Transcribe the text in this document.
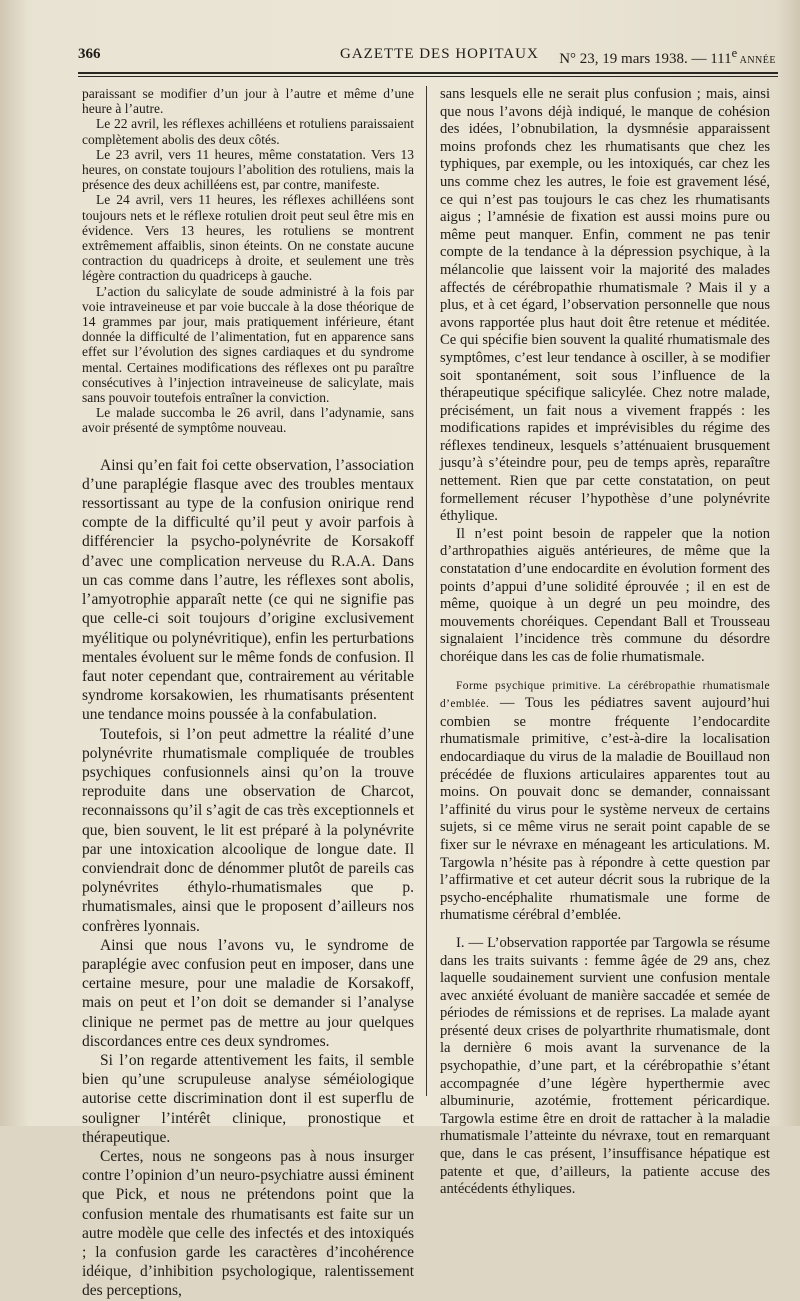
366	GAZETTE DES HOPITAUX N° 23, 19 mars 1938. — 111e ANNÉE

paraissant se modifier d’un jour à l’autre et même d’une heure à l’autre.

Le 22 avril, les réflexes achilléens et rotuliens paraissaient complètement abolis des deux côtés.

Le 23 avril, vers 11 heures, même constatation. Vers 13 heures, on constate toujours l’abolition des rotuliens, mais la présence des deux achilléens est, par contre, manifeste.

Le 24 avril, vers 11 heures, les réflexes achilléens sont toujours nets et le réflexe rotulien droit peut seul être mis en évidence. Vers 13 heures, les rotuliens se montrent extrêmement affaiblis, sinon éteints. On ne constate aucune contraction du quadriceps à droite, et seulement une très légère contraction du quadriceps à gauche.

L’action du salicylate de soude administré à la fois par voie intraveineuse et par voie buccale à la dose théorique de 14 grammes par jour, mais pratiquement inférieure, étant donnée la difficulté de l’alimentation, fut en apparence sans effet sur l’évolution des signes cardiaques et du syndrome mental. Certaines modifications des réflexes ont pu paraître consécutives à l’injection intraveineuse de salicylate, mais sans pouvoir toutefois entraîner la conviction.

Le malade succomba le 26 avril, dans l’adynamie, sans avoir présenté de symptôme nouveau.

Ainsi qu’en fait foi cette observation, l’association d’une paraplégie flasque avec des troubles mentaux ressortissant au type de la confusion onirique rend compte de la difficulté qu’il peut y avoir parfois à différencier la psycho-polynévrite de Korsakoff d’avec une complication nerveuse du R.A.A. Dans un cas comme dans l’autre, les réflexes sont abolis, l’amyotrophie apparaît nette (ce qui ne signifie pas que celle-ci soit toujours d’origine exclusivement myélitique ou polynévritique), enfin les perturbations mentales évoluent sur le même fonds de confusion. Il faut noter cependant que, contrairement au véritable syndrome korsakowien, les rhumatisants présentent une tendance moins poussée à la confabulation.

Toutefois, si l’on peut admettre la réalité d’une polynévrite rhumatismale compliquée de troubles psychiques confusionnels ainsi qu’on la trouve reproduite dans une observation de Charcot, reconnaissons qu’il s’agit de cas très exceptionnels et que, bien souvent, le lit est préparé à la polynévrite par une intoxication alcoolique de longue date. Il conviendrait donc de dénommer plutôt de pareils cas polynévrites éthylo-rhumatismales que p. rhumatismales, ainsi que le proposent d’ailleurs nos confrères lyonnais.

Ainsi que nous l’avons vu, le syndrome de paraplégie avec confusion peut en imposer, dans une certaine mesure, pour une maladie de Korsakoff, mais on peut et l’on doit se demander si l’analyse clinique ne permet pas de mettre au jour quelques discordances entre ces deux syndromes.

Si l’on regarde attentivement les faits, il semble bien qu’une scrupuleuse analyse séméiologique autorise cette discrimination dont il est superflu de souligner l’intérêt clinique, pronostique et thérapeutique.

Certes, nous ne songeons pas à nous insurger contre l’opinion d’un neuro-psychiatre aussi éminent que Pick, et nous ne prétendons point que la confusion mentale des rhumatisants est faite sur un autre modèle que celle des infectés et des intoxiqués ; la confusion garde les caractères d’incohérence idéique, d’inhibition psychologique, ralentissement des perceptions,

sans lesquels elle ne serait plus confusion ; mais, ainsi que nous l’avons déjà indiqué, le manque de cohésion des idées, l’obnubilation, la dysmnésie apparaissent moins profonds chez les rhumatisants que chez les typhiques, par exemple, ou les intoxiqués, car chez les uns comme chez les autres, le foie est gravement lésé, ce qui n’est pas toujours le cas chez les rhumatisants aigus ; l’amnésie de fixation est aussi moins pure ou même peut manquer. Enfin, comment ne pas tenir compte de la tendance à la dépression psychique, à la mélancolie que laissent voir la majorité des malades affectés de cérébropathie rhumatismale ? Mais il y a plus, et à cet égard, l’observation personnelle que nous avons rapportée plus haut doit être retenue et méditée. Ce qui spécifie bien souvent la qualité rhumatismale des symptômes, c’est leur tendance à osciller, à se modifier soit spontanément, soit sous l’influence de la thérapeutique spécifique salicylée. Chez notre malade, précisément, un fait nous a vivement frappés : les modifications rapides et imprévisibles du régime des réflexes tendineux, lesquels s’atténuaient brusquement jusqu’à s’éteindre pour, peu de temps après, reparaître nettement. Rien que par cette constatation, on peut formellement récuser l’hypothèse d’une polynévrite éthylique.

Il n’est point besoin de rappeler que la notion d’arthropathies aiguës antérieures, de même que la constatation d’une endocardite en évolution forment des points d’appui d’une solidité éprouvée ; il en est de même, quoique à un degré un peu moindre, des mouvements choréiques. Cependant Ball et Trousseau signalaient l’incidence très commune du désordre choréique dans les cas de folie rhumatismale.

Forme psychique primitive. La cérébropathie rhumatismale d’emblée. — Tous les pédiatres savent aujourd’hui combien se montre fréquente l’endocardite rhumatismale primitive, c’est-à-dire la localisation endocardiaque du virus de la maladie de Bouillaud non précédée de fluxions articulaires apparentes tout au moins. On pouvait donc se demander, connaissant l’affinité du virus pour le système nerveux de certains sujets, si ce même virus ne serait point capable de se fixer sur le névraxe en ménageant les articulations. M. Targowla n’hésite pas à répondre à cette question par l’affirmative et cet auteur décrit sous la rubrique de la psycho-encéphalite rhumatismale une forme de rhumatisme cérébral d’emblée.

I. — L’observation rapportée par Targowla se résume dans les traits suivants : femme âgée de 29 ans, chez laquelle soudainement survient une confusion mentale avec anxiété évoluant de manière saccadée et semée de périodes de rémissions et de reprises. La malade ayant présenté deux crises de polyarthrite rhumatismale, dont la dernière 6 mois avant la survenance de la psychopathie, d’une part, et la cérébropathie s’étant accompagnée d’une légère hyperthermie avec albuminurie, azotémie, frottement péricardique. Targowla estime être en droit de rattacher à la maladie rhumatismale l’atteinte du névraxe, tout en remarquant que, dans le cas présent, l’insuffisance hépatique est patente et que, d’ailleurs, la patiente accuse des antécédents éthyliques.
